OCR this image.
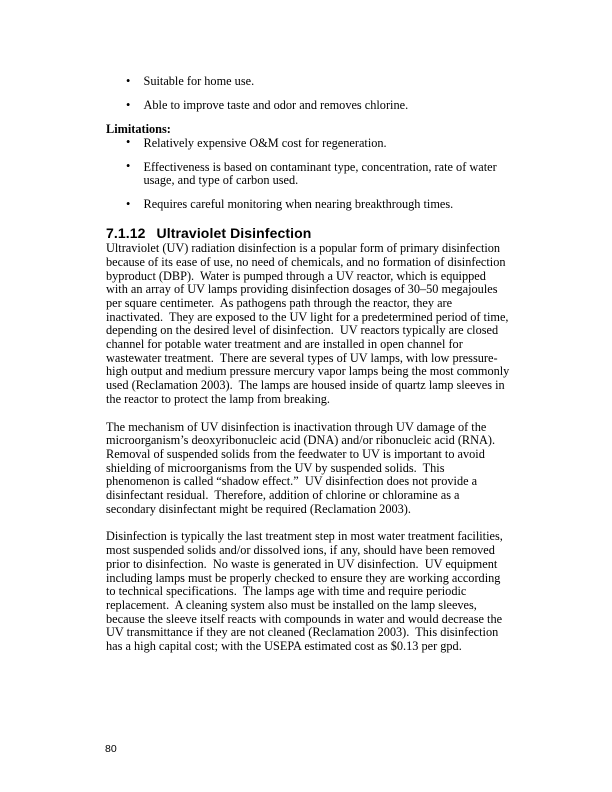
• Suitable for home use.
• Able to improve taste and odor and removes chlorine.

Limitations:

• Relatively expensive O&M cost for regeneration.
• Effectiveness is based on contaminant type, concentration, rate of water usage, and type of carbon used.
• Requires careful monitoring when nearing breakthrough times.
7.1.12 Ultraviolet Disinfection

Ultraviolet (UV) radiation disinfection is a popular form of primary disinfection because of its ease of use, no need of chemicals, and no formation of disinfection byproduct (DBP).  Water is pumped through a UV reactor, which is equipped with an array of UV lamps providing disinfection dosages of 30–50 megajoules per square centimeter.  As pathogens path through the reactor, they are inactivated.  They are exposed to the UV light for a predetermined period of time, depending on the desired level of disinfection.  UV reactors typically are closed channel for potable water treatment and are installed in open channel for wastewater treatment.  There are several types of UV lamps, with low pressure-high output and medium pressure mercury vapor lamps being the most commonly used (Reclamation 2003).  The lamps are housed inside of quartz lamp sleeves in the reactor to protect the lamp from breaking.

The mechanism of UV disinfection is inactivation through UV damage of the microorganism’s deoxyribonucleic acid (DNA) and/or ribonucleic acid (RNA).  Removal of suspended solids from the feedwater to UV is important to avoid shielding of microorganisms from the UV by suspended solids.  This phenomenon is called “shadow effect.”  UV disinfection does not provide a disinfectant residual.  Therefore, addition of chlorine or chloramine as a secondary disinfectant might be required (Reclamation 2003).

Disinfection is typically the last treatment step in most water treatment facilities, most suspended solids and/or dissolved ions, if any, should have been removed prior to disinfection.  No waste is generated in UV disinfection.  UV equipment including lamps must be properly checked to ensure they are working according to technical specifications.  The lamps age with time and require periodic replacement.  A cleaning system also must be installed on the lamp sleeves, because the sleeve itself reacts with compounds in water and would decrease the UV transmittance if they are not cleaned (Reclamation 2003).  This disinfection has a high capital cost; with the USEPA estimated cost as $0.13 per gpd.

80
